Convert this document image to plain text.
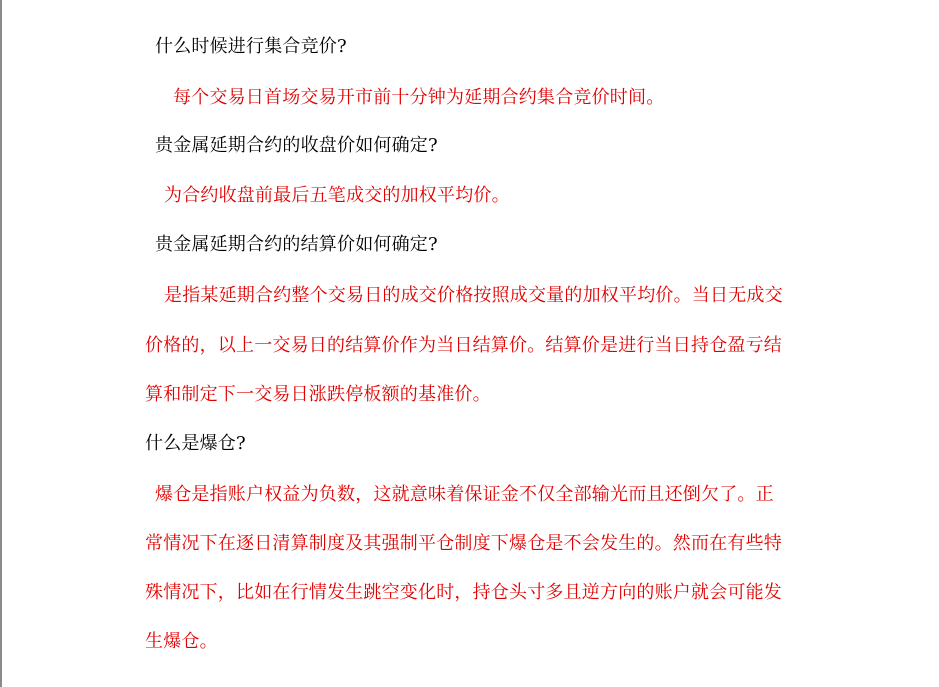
什么时候进行集合竞价?
每个交易日首场交易开市前十分钟为延期合约集合竞价时间。
贵金属延期合约的收盘价如何确定?
为合约收盘前最后五笔成交的加权平均价。
贵金属延期合约的结算价如何确定?
是指某延期合约整个交易日的成交价格按照成交量的加权平均价。当日无成交
价格的，以上一交易日的结算价作为当日结算价。结算价是进行当日持仓盈亏结
算和制定下一交易日涨跌停板额的基准价。
什么是爆仓?
爆仓是指账户权益为负数，这就意味着保证金不仅全部输光而且还倒欠了。正
常情况下在逐日清算制度及其强制平仓制度下爆仓是不会发生的。然而在有些特
殊情况下，比如在行情发生跳空变化时，持仓头寸多且逆方向的账户就会可能发
生爆仓。
